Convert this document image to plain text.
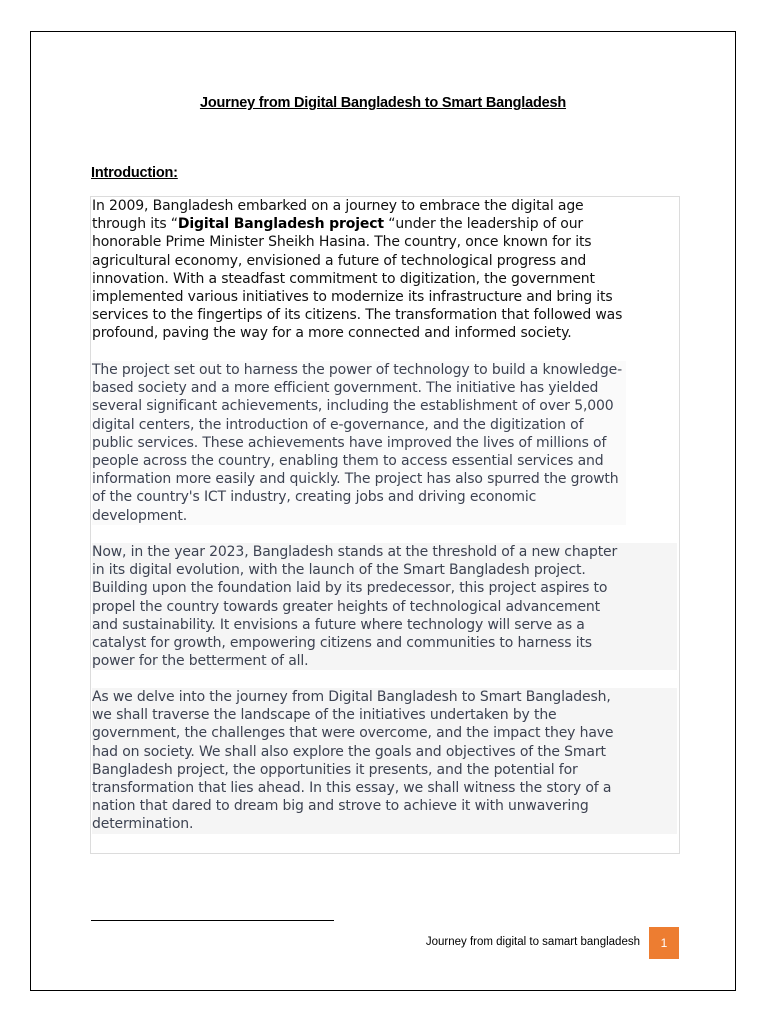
Journey from Digital Bangladesh to Smart Bangladesh
Introduction:

In 2009, Bangladesh embarked on a journey to embrace the digital age
through its “Digital Bangladesh project “under the leadership of our
honorable Prime Minister Sheikh Hasina. The country, once known for its
agricultural economy, envisioned a future of technological progress and
innovation. With a steadfast commitment to digitization, the government
implemented various initiatives to modernize its infrastructure and bring its
services to the fingertips of its citizens. The transformation that followed was
profound, paving the way for a more connected and informed society.

The project set out to harness the power of technology to build a knowledge-
based society and a more efficient government. The initiative has yielded
several significant achievements, including the establishment of over 5,000
digital centers, the introduction of e-governance, and the digitization of
public services. These achievements have improved the lives of millions of
people across the country, enabling them to access essential services and
information more easily and quickly. The project has also spurred the growth
of the country's ICT industry, creating jobs and driving economic
development.

Now, in the year 2023, Bangladesh stands at the threshold of a new chapter
in its digital evolution, with the launch of the Smart Bangladesh project.
Building upon the foundation laid by its predecessor, this project aspires to
propel the country towards greater heights of technological advancement
and sustainability. It envisions a future where technology will serve as a
catalyst for growth, empowering citizens and communities to harness its
power for the betterment of all.

As we delve into the journey from Digital Bangladesh to Smart Bangladesh,
we shall traverse the landscape of the initiatives undertaken by the
government, the challenges that were overcome, and the impact they have
had on society. We shall also explore the goals and objectives of the Smart
Bangladesh project, the opportunities it presents, and the potential for
transformation that lies ahead. In this essay, we shall witness the story of a
nation that dared to dream big and strove to achieve it with unwavering
determination.

Journey from digital to samart bangladesh	1
